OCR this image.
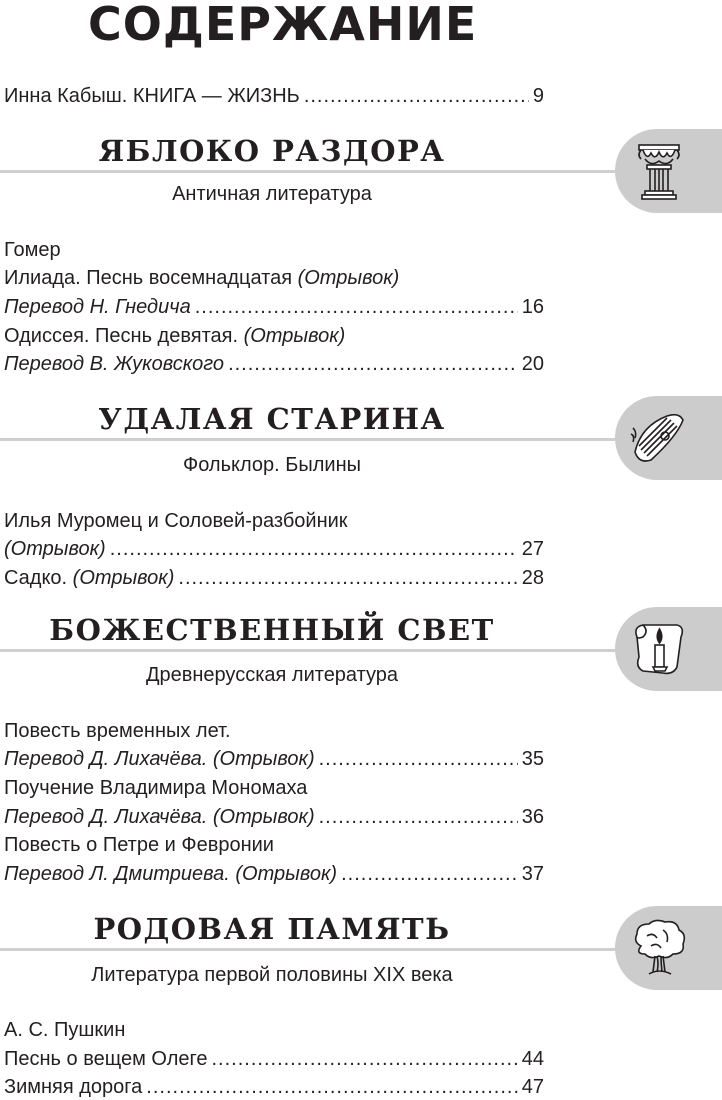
СОДЕРЖАНИЕ
Инна Кабыш. КНИГА — ЖИЗНЬ .....	9
ЯБЛОКО РАЗДОРА
Античная литература
Гомер
Илиада. Песнь восемнадцатая (Отрывок)
Перевод Н. Гнедича .....	16
Одиссея. Песнь девятая. (Отрывок)
Перевод В. Жуковского .....	20
УДАЛАЯ СТАРИНА
Фольклор. Былины
Илья Муромец и Соловей-разбойник
(Отрывок) .....	27
Садко. (Отрывок) .....	28
БОЖЕСТВЕННЫЙ СВЕТ
Древнерусская литература
Повесть временных лет.
Перевод Д. Лихачёва. (Отрывок) .....	35
Поучение Владимира Мономаха
Перевод Д. Лихачёва. (Отрывок) .....	36
Повесть о Петре и Февронии
Перевод Л. Дмитриева. (Отрывок) .....	37
РОДОВАЯ ПАМЯТЬ
Литература первой половины XIX века
А. С. Пушкин
Песнь о вещем Олеге .....	44
Зимняя дорога .....	47
